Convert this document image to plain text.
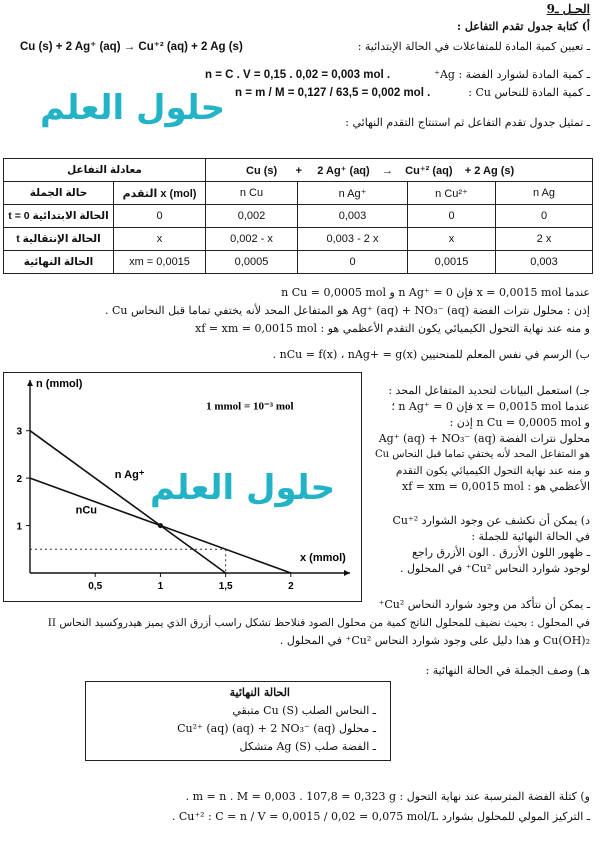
الحـل ـ9
أ) كتابة جدول تقدم التفاعل :
ـ تعيين كمية المادة للمتفاعلات في الحالة الإبتدائية :
Cu (s) + 2 Ag⁺ (aq) → Cu⁺² (aq) + 2 Ag (s)
ـ كمية المادة لشوارد الفضة : Ag⁺
n = C . V = 0,15 . 0,02 = 0,003 mol .
ـ كمية المادة للنحاس Cu :
n = m / M = 0,127 / 63,5 = 0,002 mol .
حلول العلم	ـ تمثيل جدول تقدم التفاعل ثم استنتاج التقدم النهائي :
معادلة التفاعل		Cu (s) + 2 Ag⁺ (aq) → Cu⁺² (aq) + 2 Ag (s)			
حالة الجملة	التقدم x (mol)	n Cu	n Ag⁺	n Cu²⁺	n Ag
الحالة الابتدائية t = 0	0	0,002	0,003	0	0
الحالة الإنتقالية t	x	0,002 - x	0,003 - 2 x	x	2 x
الحالة النهائية	xm = 0,0015	0,0005	0	0,0015	0,003
عندما x = 0,0015 mol فإن n Ag⁺ = 0 و n Cu = 0,0005 mol
إذن : محلول نترات الفضة Ag⁺ (aq) + NO₃⁻ (aq) هو المتفاعل المحد لأنه يختفي تماما قبل النحاس Cu .
و منه عند نهاية التحول الكيميائي يكون التقدم الأعظمي هو : xf = xm = 0,0015 mol
ب) الرسم في نفس المعلم للمنحنيين nCu = f(x) ، nAg+ = g(x) .
0,5	1	1,5	2
1
2
3
n Ag⁺
nCu
n (mmol)
x (mmol)
1 mmol = 10⁻³ mol
حلول العلم
جـ) استعمل البيانات لتحديد المتفاعل المحد :
عندما x = 0,0015 mol فإن n Ag⁺ = 0 ؛
و n Cu = 0,0005 mol إذن :
محلول نترات الفضة Ag⁺ (aq) + NO₃⁻ (aq)
هو المتفاعل المحد لأنه يختفي تماما قبل النحاس Cu
و منه عند نهاية التحول الكيميائي يكون التقدم
الأعظمي هو : xf = xm = 0,0015 mol
د) يمكن أن نكشف عن وجود الشوارد Cu⁺²
في الحالة النهائية للجملة :
ـ ظهور اللون الأزرق . الون الأزرق راجع
لوجود شوارد النحاس Cu²⁺ في المحلول .
ـ يمكن أن نتأكد من وجود شوارد النحاس Cu²⁺
في المحلول : بحيث نضيف للمحلول الناتج كمية من محلول الصود فنلاحظ تشكل راسب أزرق الذي يميز هيدروكسيد النحاس II
Cu(OH)₂ و هذا دليل على وجود شوارد النحاس Cu²⁺ في المحلول .
هـ) وصف الجملة في الحالة النهائية :
الحالة النهائية
ـ النحاس الصلب Cu (S) متبقي
ـ محلول Cu²⁺ (aq) (aq) + 2 NO₃⁻ (aq)
ـ الفضة صلب Ag (S) متشكل
و) كتلة الفضة المترسبة عند نهاية التحول : m = n . M = 0,003 . 107,8 = 0,323 g .
ـ التركيز المولي للمحلول بشوارد Cu⁺² : C = n / V = 0,0015 / 0,02 = 0,075 mol/L .
